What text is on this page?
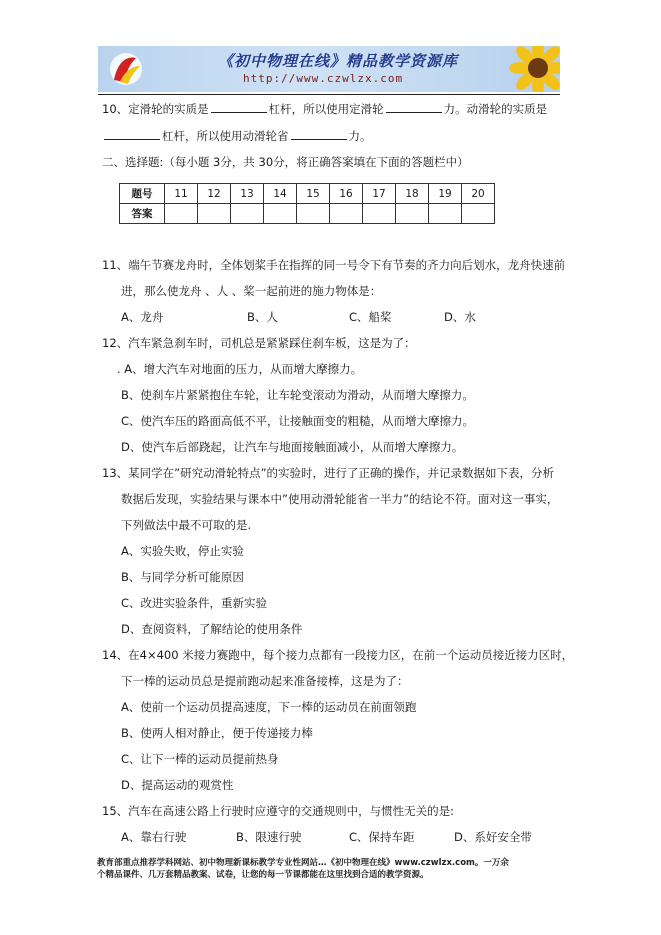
《初中物理在线》精品教学资源库
http://www.czwlzx.com
10、定滑轮的实质是	杠杆，所以使用定滑轮	力。动滑轮的实质是
杠杆，所以使用动滑轮省	力。
二、选择题:（每小题 3分，共 30分，将正确答案填在下面的答题栏中）
题号	11	12	13	14	15	16	17	18	19	20
答案										
11、端午节赛龙舟时，全体划桨手在指挥的同一号令下有节奏的齐力向后划水，龙舟快速前
进，那么使龙舟 、人 、桨一起前进的施力物体是：
A、龙舟	B、人	C、船桨	D、水
12、汽车紧急刹车时，司机总是紧紧踩住刹车板，这是为了：
. A、增大汽车对地面的压力，从而增大摩擦力。
B、使刹车片紧紧抱住车轮，让车轮变滚动为滑动，从而增大摩擦力。
C、使汽车压的路面高低不平，让接触面变的粗糙，从而增大摩擦力。
D、使汽车后部跷起，让汽车与地面接触面减小，从而增大摩擦力。
13、某同学在”研究动滑轮特点”的实验时，进行了正确的操作，并记录数据如下表，分析
数据后发现，实验结果与课本中”使用动滑轮能省一半力”的结论不符。面对这一事实，
下列做法中最不可取的是.
A、实验失败，停止实验
B、与同学分析可能原因
C、改进实验条件，重新实验
D、查阅资料，了解结论的使用条件
14、在4×400 米接力赛跑中，每个接力点都有一段接力区，在前一个运动员接近接力区时，
下一棒的运动员总是提前跑动起来准备接棒，这是为了：
A、使前一个运动员提高速度，下一棒的运动员在前面领跑
B、使两人相对静止，便于传递接力棒
C、让下一棒的运动员提前热身
D、提高运动的观赏性
15、汽车在高速公路上行驶时应遵守的交通规则中，与惯性无关的是:
A、靠右行驶	B、限速行驶	C、保持车距	D、系好安全带
教育部重点推荐学科网站、初中物理新课标教学专业性网站…《初中物理在线》www.czwlzx.com。一万余
个精品课件、几万套精品教案、试卷，让您的每一节课都能在这里找到合适的教学资源。
